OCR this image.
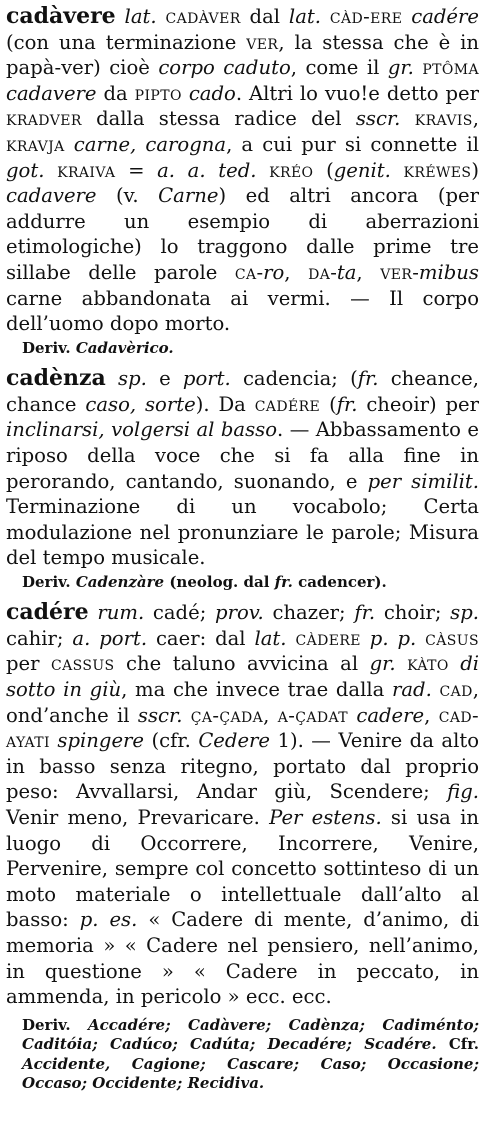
cadàvere lat. cadàver dal lat. càd-ere cadére (con una terminazione ver, la stessa che è in papà-ver) cioè corpo caduto, come il gr. ptôma cadavere da pipto cado. Altri lo vuo!e detto per kradver dalla stessa radice del sscr. kravis, kravja carne, carogna, a cui pur si connette il got. kraiva = a. a. ted. kréo (genit. kréwes) cadavere (v. Carne) ed altri ancora (per addurre un esempio di aberrazioni etimologiche) lo traggono dalle prime tre sillabe delle parole ca-ro, da-ta, ver-mibus carne abbandonata ai vermi. — Il corpo dell’uomo dopo morto.

Deriv. Cadavèrico.

cadènza sp. e port. cadencia; (fr. cheance, chance caso, sorte). Da cadére (fr. cheoir) per inclinarsi, volgersi al basso. — Abbassamento e riposo della voce che si fa alla fine in perorando, cantando, suonando, e per similit. Terminazione di un vocabolo; Certa modulazione nel pronunziare le parole; Misura del tempo musicale.

Deriv. Cadenzàre (neolog. dal fr. cadencer).

cadére rum. cadé; prov. chazer; fr. choir; sp. cahir; a. port. caer: dal lat. càdere p. p. càsus per cassus che taluno avvicina al gr. kàto di sotto in giù, ma che invece trae dalla rad. cad, ond’anche il sscr. ça-çada, a-çadat cadere, cad-ayati spingere (cfr. Cedere 1). — Venire da alto in basso senza ritegno, portato dal proprio peso: Avvallarsi, Andar giù, Scendere; fig. Venir meno, Prevaricare. Per estens. si usa in luogo di Occorrere, Incorrere, Venire, Pervenire, sempre col concetto sottinteso di un moto materiale o intellettuale dall’alto al basso: p. es. « Cadere di mente, d’animo, di memoria » « Cadere nel pensiero, nell’animo, in questione » « Cadere in peccato, in ammenda, in pericolo » ecc. ecc.

Deriv. Accadére; Cadàvere; Cadènza; Cadiménto; Caditóia; Cadúco; Cadúta; Decadére; Scadére. Cfr. Accidente, Cagione; Cascare; Caso; Occasione; Occaso; Occidente; Recidiva.
